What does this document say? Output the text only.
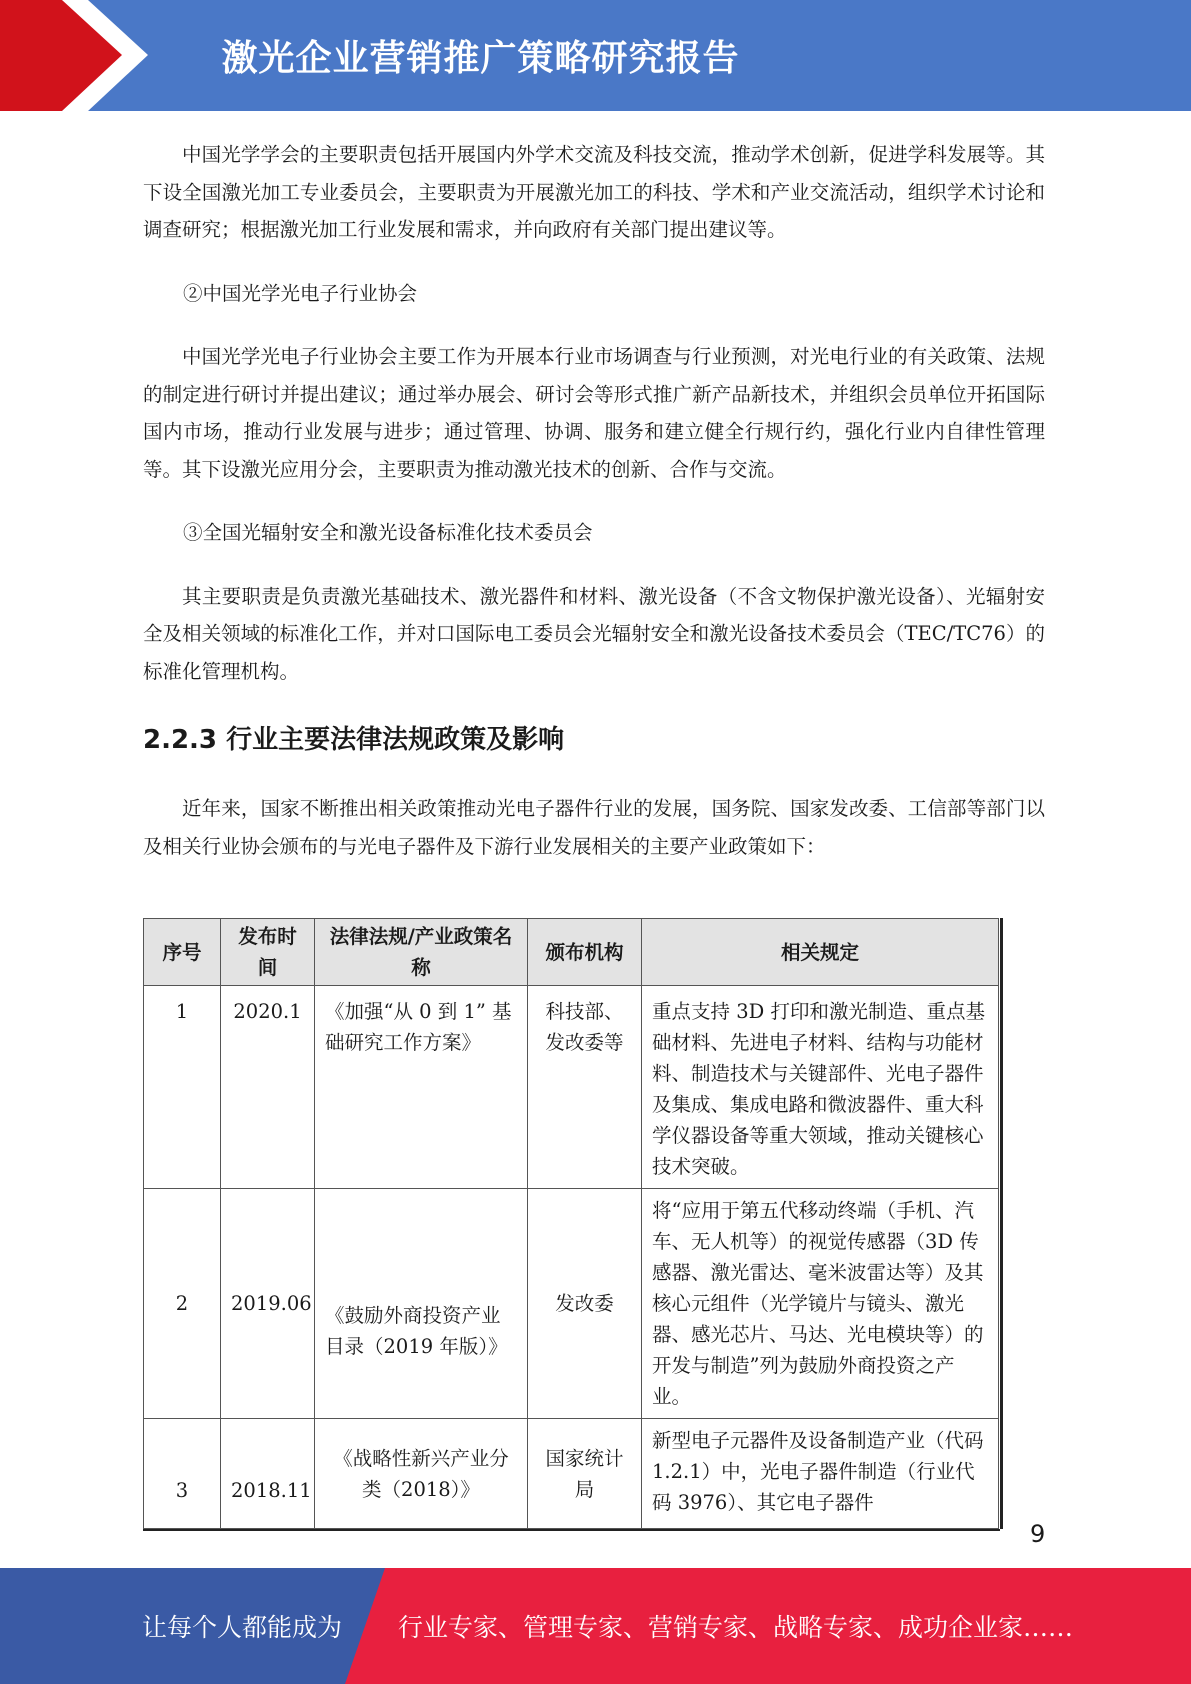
激光企业营销推广策略研究报告

中国光学学会的主要职责包括开展国内外学术交流及科技交流，推动学术创新，促进学科发展等。其下设全国激光加工专业委员会，主要职责为开展激光加工的科技、学术和产业交流活动，组织学术讨论和调查研究；根据激光加工行业发展和需求，并向政府有关部门提出建议等。

②中国光学光电子行业协会

中国光学光电子行业协会主要工作为开展本行业市场调查与行业预测，对光电行业的有关政策、法规的制定进行研讨并提出建议；通过举办展会、研讨会等形式推广新产品新技术，并组织会员单位开拓国际国内市场，推动行业发展与进步；通过管理、协调、服务和建立健全行规行约，强化行业内自律性管理等。其下设激光应用分会，主要职责为推动激光技术的创新、合作与交流。

③全国光辐射安全和激光设备标准化技术委员会

其主要职责是负责激光基础技术、激光器件和材料、激光设备（不含文物保护激光设备）、光辐射安全及相关领域的标准化工作，并对口国际电工委员会光辐射安全和激光设备技术委员会（TEC/TC76）的标准化管理机构。

2.2.3 行业主要法律法规政策及影响

近年来，国家不断推出相关政策推动光电子器件行业的发展，国务院、国家发改委、工信部等部门以及相关行业协会颁布的与光电子器件及下游行业发展相关的主要产业政策如下：

序号	发布时间	法律法规/产业政策名称	颁布机构	相关规定
1	2020.1	《加强“从 0 到 1” 基础研究工作方案》	科技部、发改委等	重点支持 3D 打印和激光制造、重点基础材料、先进电子材料、结构与功能材料、制造技术与关键部件、光电子器件及集成、集成电路和微波器件、重大科学仪器设备等重大领域，推动关键核心技术突破。
2	2019.06	《鼓励外商投资产业目录（2019 年版）》	发改委	将“应用于第五代移动终端（手机、汽车、无人机等）的视觉传感器（3D 传感器、激光雷达、毫米波雷达等）及其核心元组件（光学镜片与镜头、激光器、感光芯片、马达、光电模块等）的开发与制造”列为鼓励外商投资之产业。
3	2018.11	《战略性新兴产业分类（2018）》	国家统计局	新型电子元器件及设备制造产业（代码 1.2.1）中，光电子器件制造（行业代码 3976）、其它电子器件
9
让每个人都能成为 行业专家、管理专家、营销专家、战略专家、成功企业家……
